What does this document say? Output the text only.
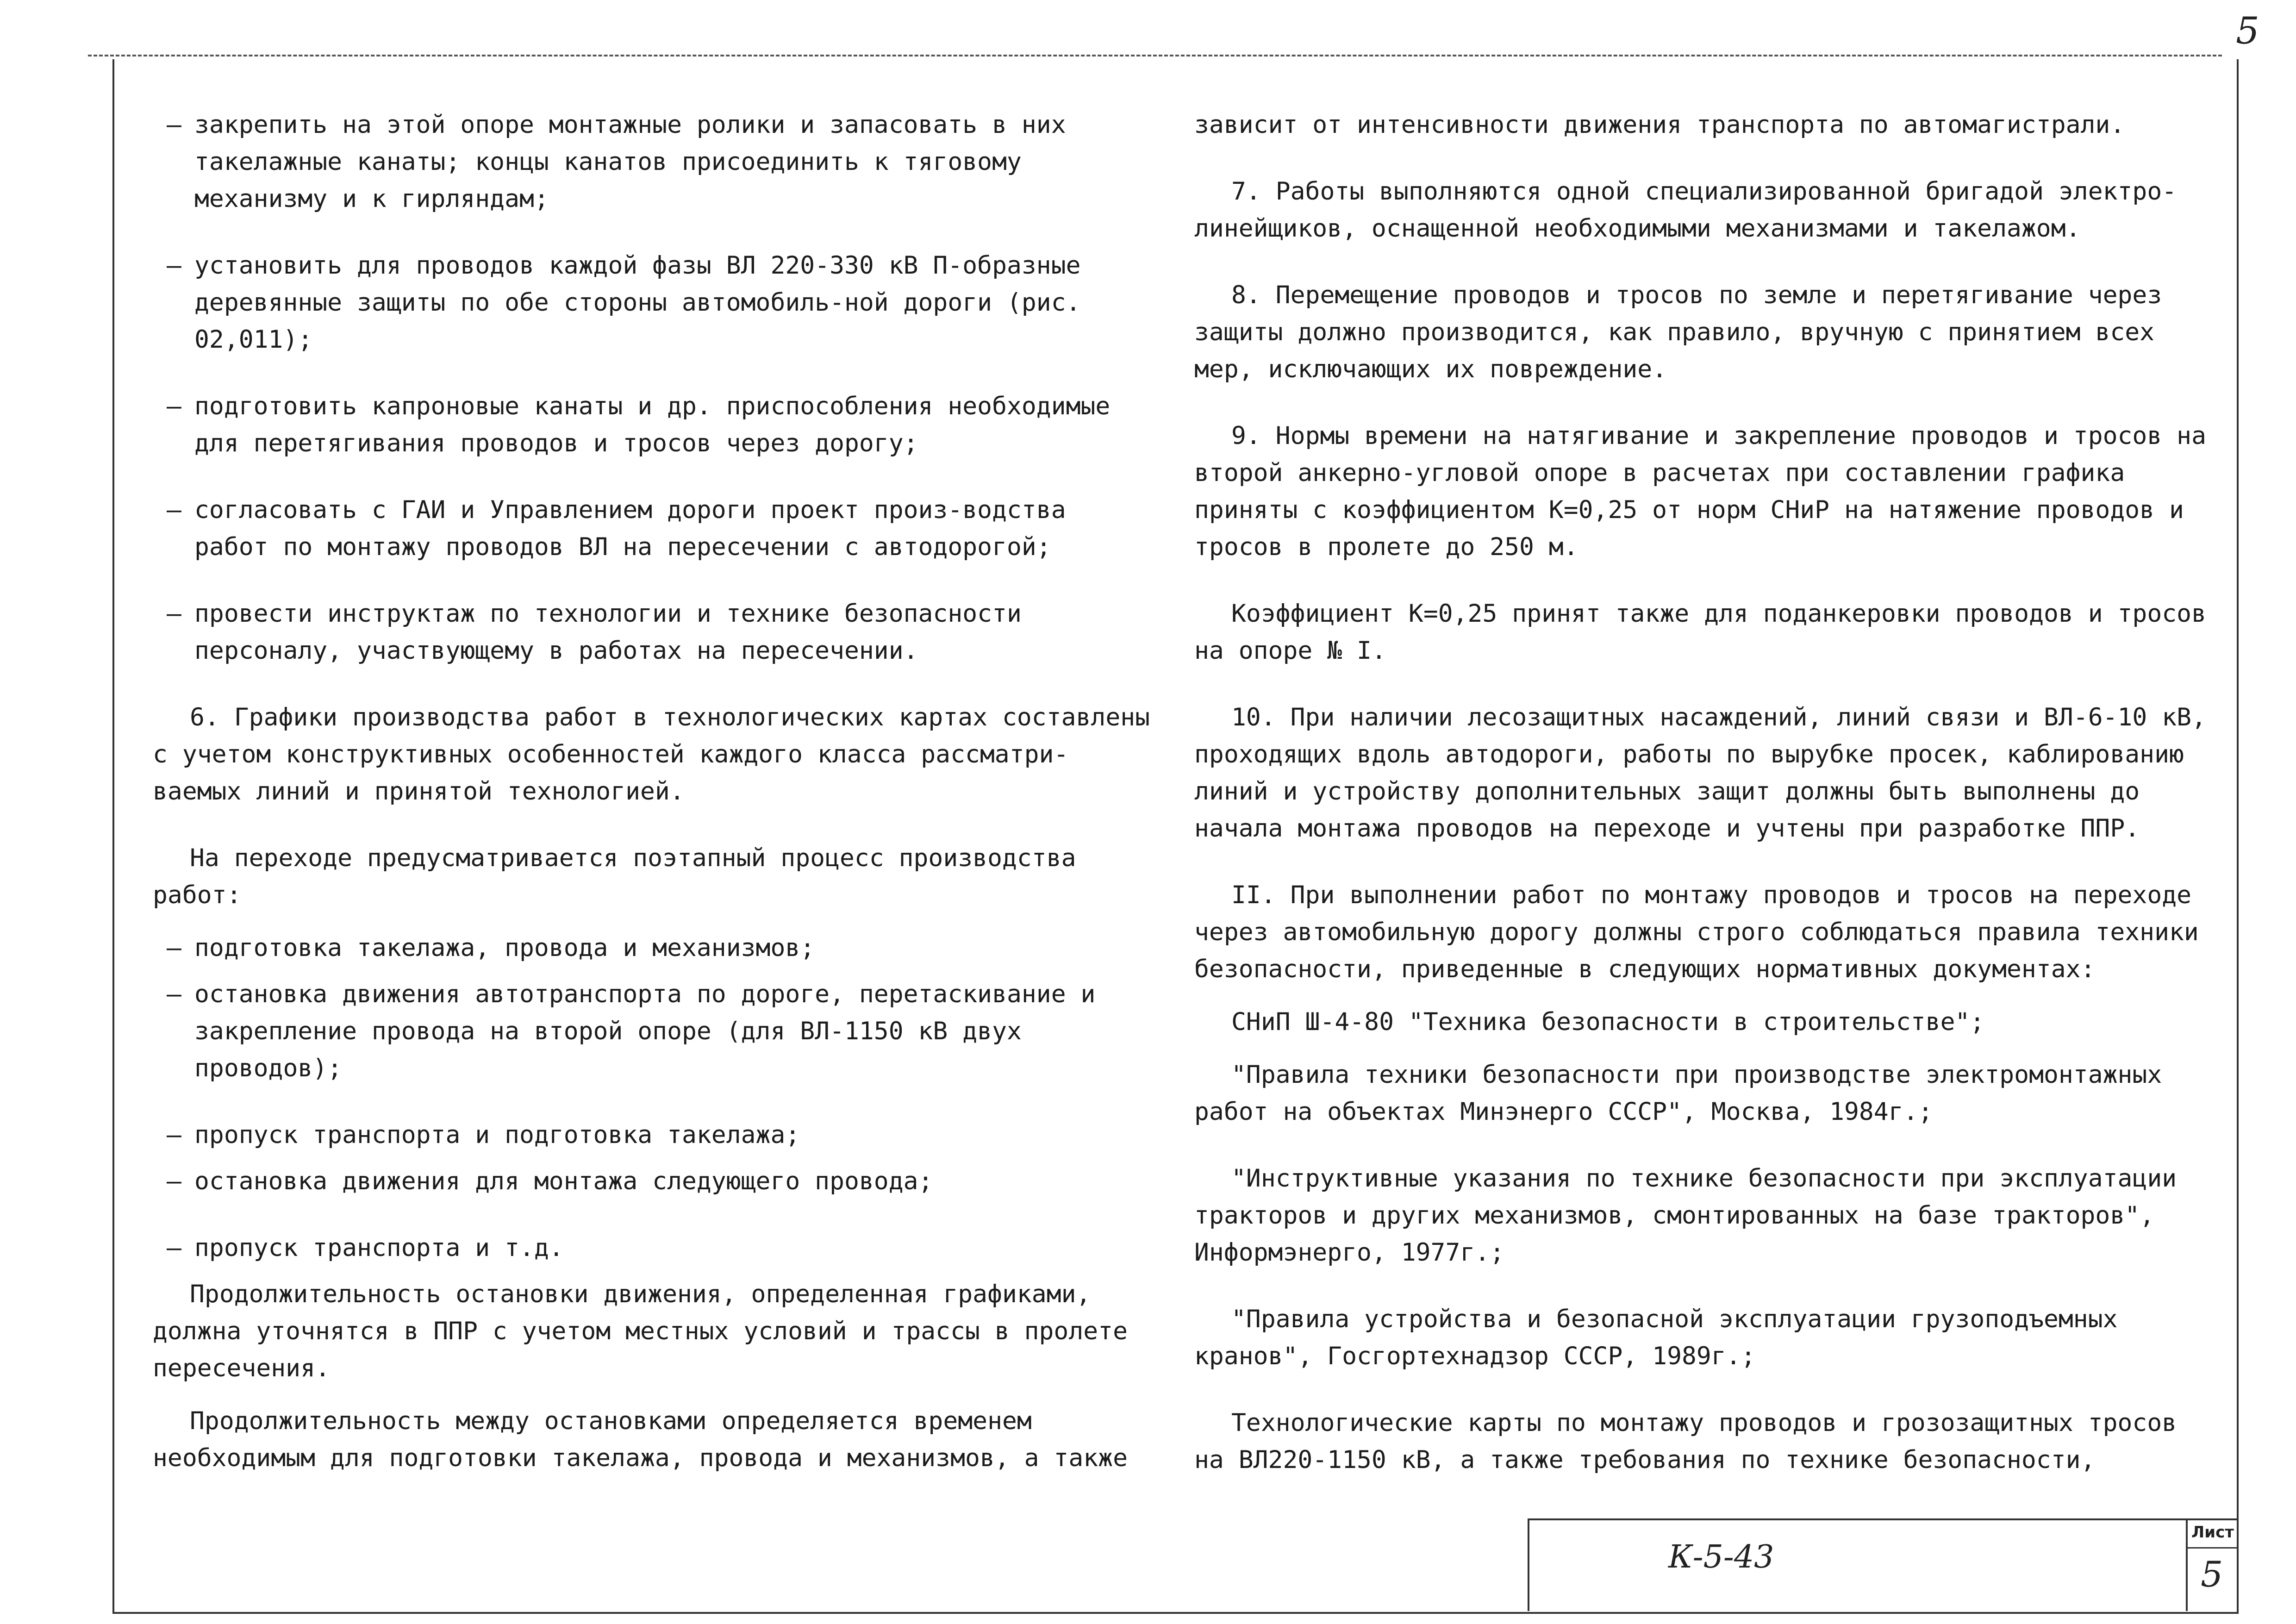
5
–закрепить на этой опоре монтажные ролики и запасовать в них такелажные канаты; концы канатов присоединить к тяговому механизму и к гирляндам;
–установить для проводов каждой фазы ВЛ 220-330 кВ П-образные деревянные защиты по обе стороны автомобиль-ной дороги (рис. 02,011);
–подготовить капроновые канаты и др. приспособления необходимые для перетягивания проводов и тросов через дорогу;
–согласовать с ГАИ и Управлением дороги проект произ-водства работ по монтажу проводов ВЛ на пересечении с автодорогой;
–провести инструктаж по технологии и технике безопасности персоналу, участвующему в работах на пересечении.

6. Графики производства работ в технологических картах составлены с учетом конструктивных особенностей каждого класса рассматри-ваемых линий и принятой технологией.

На переходе предусматривается поэтапный процесс производства работ:

–подготовка такелажа, провода и механизмов;
–остановка движения автотранспорта по дороге, перетаскивание и закрепление провода на второй опоре (для ВЛ-1150 кВ двух проводов);
–пропуск транспорта и подготовка такелажа;
–остановка движения для монтажа следующего провода;
–пропуск транспорта и т.д.

Продолжительность остановки движения, определенная графиками, должна уточнятся в ППР с учетом местных условий и трассы в пролете пересечения.

Продолжительность между остановками определяется временем необходимым для подготовки такелажа, провода и механизмов, а также

зависит от интенсивности движения транспорта по автомагистрали.

7. Работы выполняются одной специализированной бригадой электро-линейщиков, оснащенной необходимыми механизмами и такелажом.

8. Перемещение проводов и тросов по земле и перетягивание через защиты должно производится, как правило, вручную с принятием всех мер, исключающих их повреждение.

9. Нормы времени на натягивание и закрепление проводов и тросов на второй анкерно-угловой опоре в расчетах при составлении графика приняты с коэффициентом К=0,25 от норм СНиР на натяжение проводов и тросов в пролете до 250 м.

Коэффициент К=0,25 принят также для поданкеровки проводов и тросов на опоре № I.

10. При наличии лесозащитных насаждений, линий связи и ВЛ-6-10 кВ, проходящих вдоль автодороги, работы по вырубке просек, каблированию линий и устройству дополнительных защит должны быть выполнены до начала монтажа проводов на переходе и учтены при разработке ППР.

II. При выполнении работ по монтажу проводов и тросов на переходе через автомобильную дорогу должны строго соблюдаться правила техники безопасности, приведенные в следующих нормативных документах:

СНиП Ш-4-80 "Техника безопасности в строительстве";

"Правила техники безопасности при производстве электромонтажных работ на объектах Минэнерго СССР", Москва, 1984г.;

"Инструктивные указания по технике безопасности при эксплуатации тракторов и других механизмов, смонтированных на базе тракторов", Информэнерго, 1977г.;

"Правила устройства и безопасной эксплуатации грузоподъемных кранов", Госгортехнадзор СССР, 1989г.;

Технологические карты по монтажу проводов и грозозащитных тросов на ВЛ220-1150 кВ, а также требования по технике безопасности,

К-5-43
Лист
5
